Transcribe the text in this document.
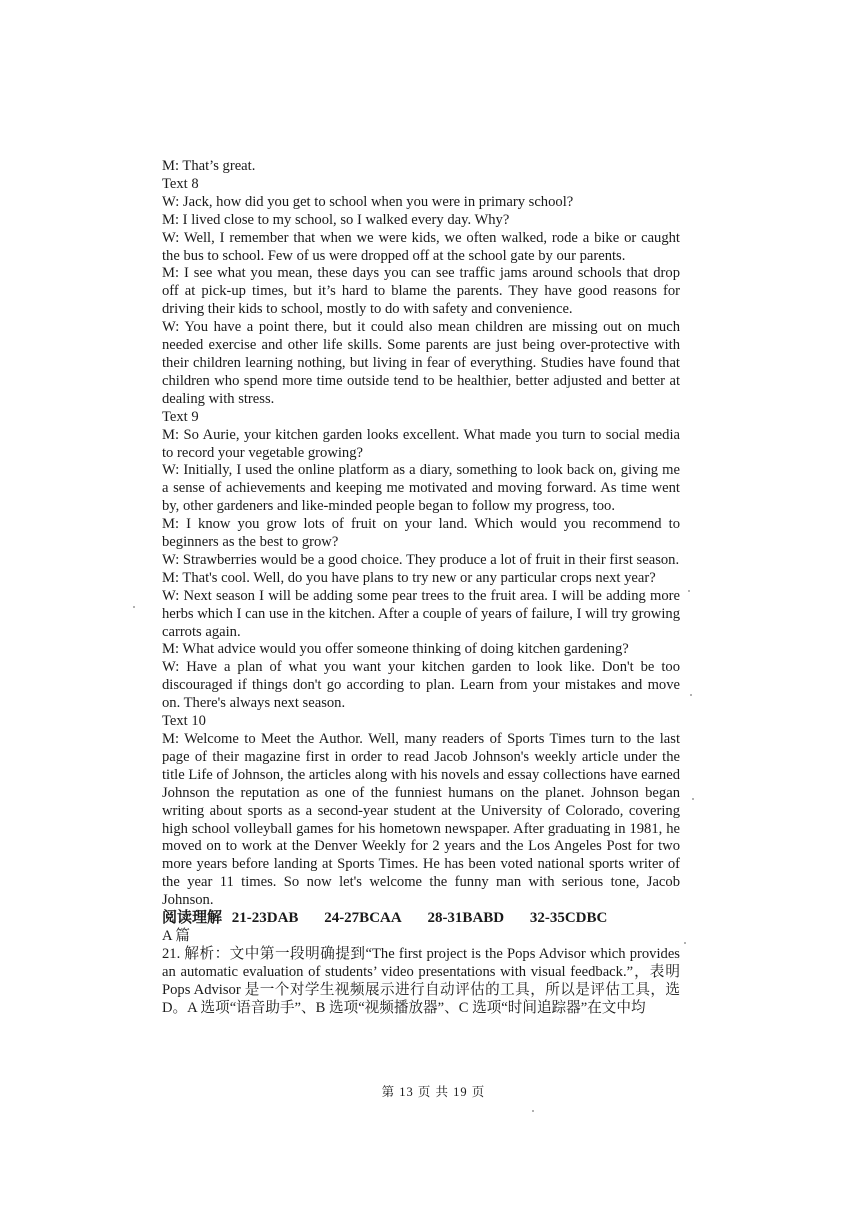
M: That’s great.

Text 8

W: Jack, how did you get to school when you were in primary school?

M: I lived close to my school, so I walked every day. Why?

W: Well, I remember that when we were kids, we often walked, rode a bike or caught the bus to school. Few of us were dropped off at the school gate by our parents.

M: I see what you mean, these days you can see traffic jams around schools that drop off at pick-up times, but it’s hard to blame the parents. They have good reasons for driving their kids to school, mostly to do with safety and convenience.

W: You have a point there, but it could also mean children are missing out on much needed exercise and other life skills. Some parents are just being over-protective with their children learning nothing, but living in fear of everything. Studies have found that children who spend more time outside tend to be healthier, better adjusted and better at dealing with stress.

Text 9

M: So Aurie, your kitchen garden looks excellent. What made you turn to social media to record your vegetable growing?

W: Initially, I used the online platform as a diary, something to look back on, giving me a sense of achievements and keeping me motivated and moving forward. As time went by, other gardeners and like-minded people began to follow my progress, too.

M: I know you grow lots of fruit on your land. Which would you recommend to beginners as the best to grow?

W: Strawberries would be a good choice. They produce a lot of fruit in their first season.

M: That's cool. Well, do you have plans to try new or any particular crops next year?

W: Next season I will be adding some pear trees to the fruit area. I will be adding more herbs which I can use in the kitchen. After a couple of years of failure, I will try growing carrots again.

M: What advice would you offer someone thinking of doing kitchen gardening?

W: Have a plan of what you want your kitchen garden to look like. Don't be too discouraged if things don't go according to plan. Learn from your mistakes and move on. There's always next season.

Text 10

M: Welcome to Meet the Author. Well, many readers of Sports Times turn to the last page of their magazine first in order to read Jacob Johnson's weekly article under the title Life of Johnson, the articles along with his novels and essay collections have earned Johnson the reputation as one of the funniest humans on the planet. Johnson began writing about sports as a second-year student at the University of Colorado, covering high school volleyball games for his hometown newspaper. After graduating in 1981, he moved on to work at the Denver Weekly for 2 years and the Los Angeles Post for two more years before landing at Sports Times. He has been voted national sports writer of the year 11 times. So now let's welcome the funny man with serious tone, Jacob Johnson.

阅读理解 21-23DAB 24-27BCAA 28-31BABD 32-35CDBC

A 篇

21. 解析：文中第一段明确提到“The first project is the Pops Advisor which provides an automatic evaluation of students’ video presentations with visual feedback.”，表明 Pops Advisor 是一个对学生视频展示进行自动评估的工具，所以是评估工具，选 D。A 选项“语音助手”、B 选项“视频播放器”、C 选项“时间追踪器”在文中均

第 13 页 共 19 页
